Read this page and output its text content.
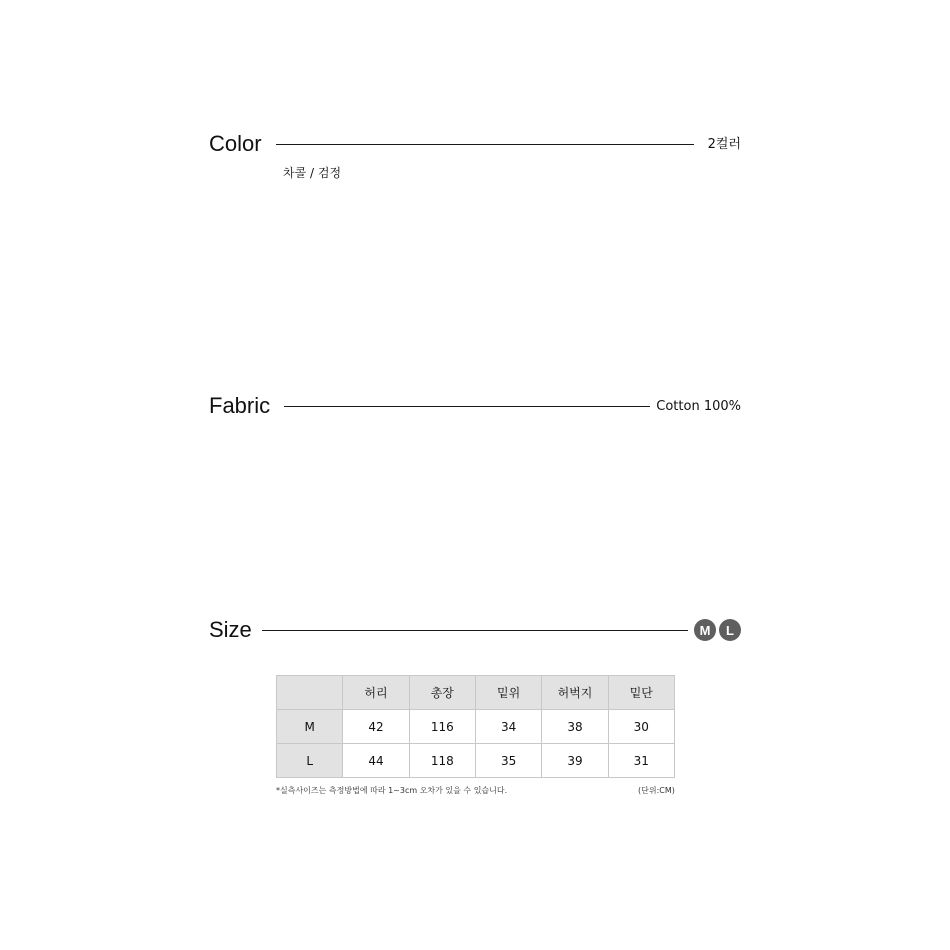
Color	2컬러
차콜 / 검정
Fabric	Cotton 100%
Size	M	L
	허리	총장	밑위	허벅지	밑단
M	42	116	34	38	30
L	44	118	35	39	31
*실측사이즈는 측정방법에 따라 1~3cm 오차가 있을 수 있습니다.	(단위:CM)
